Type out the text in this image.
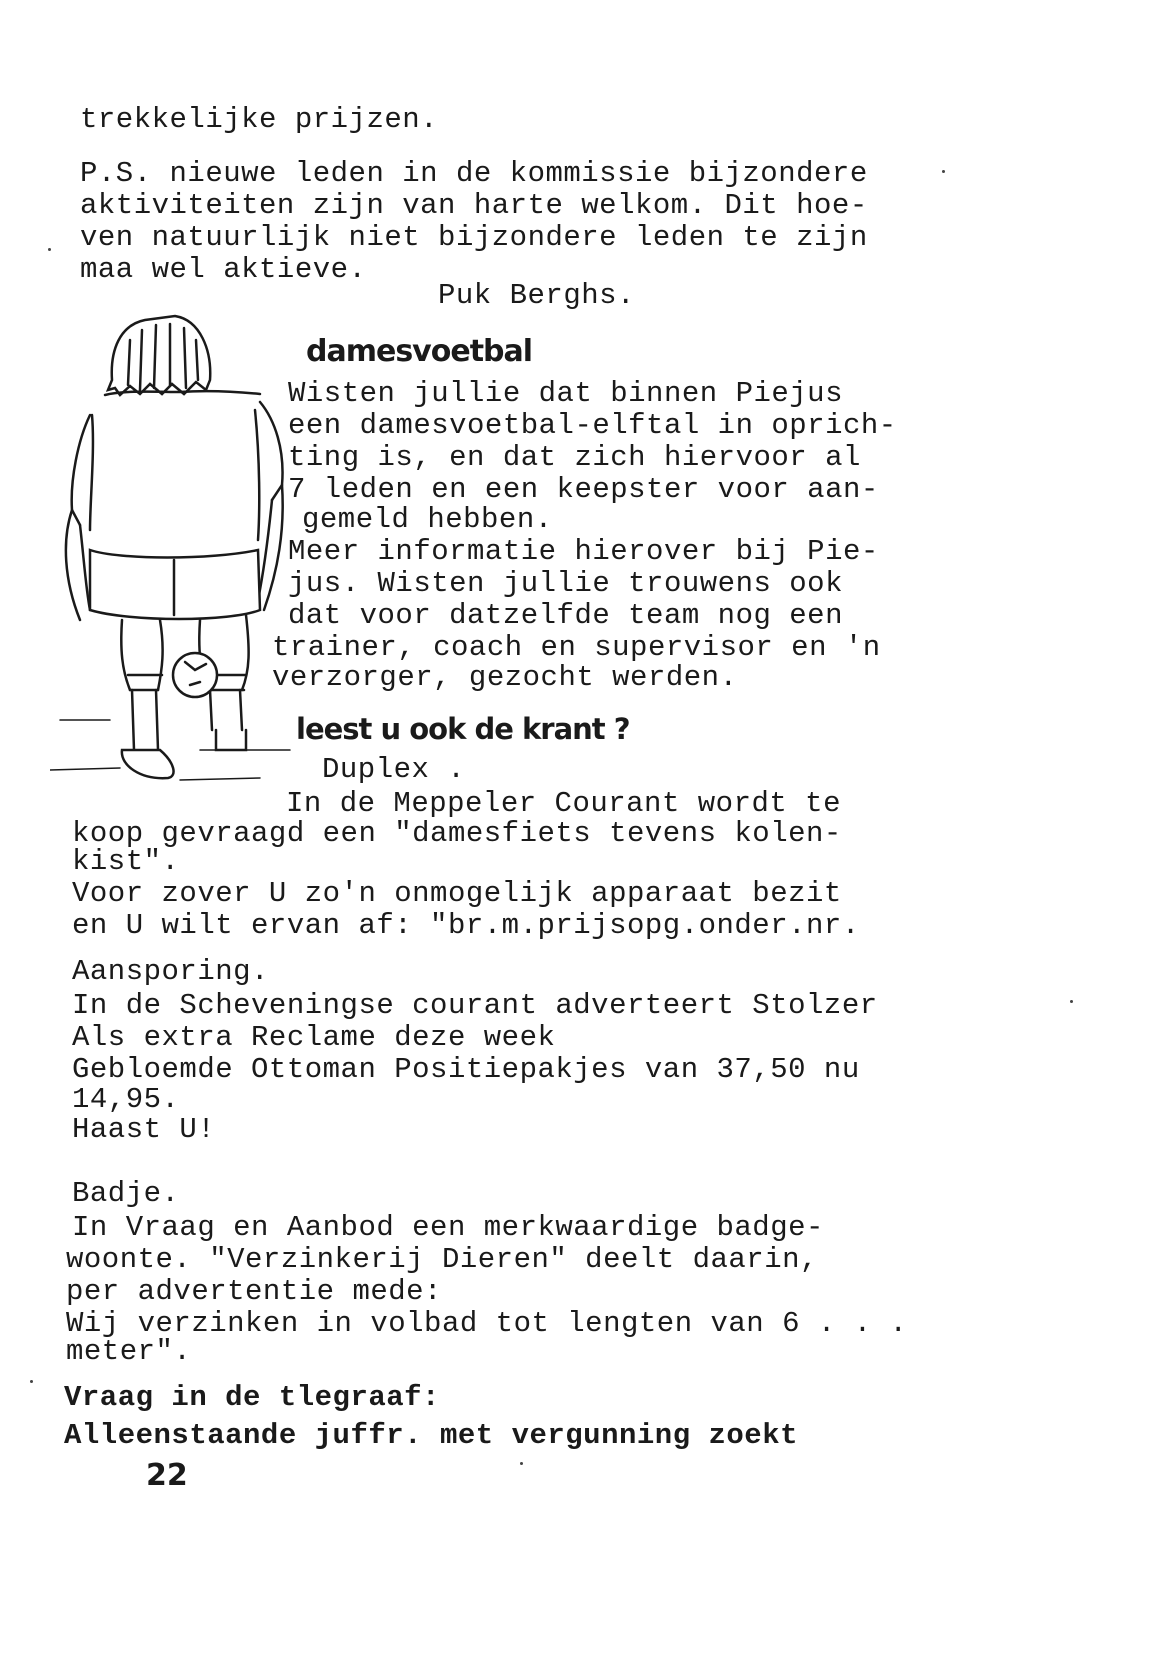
trekkelijke prijzen.
P.S. nieuwe leden in de kommissie bijzondere
aktiviteiten zijn van harte welkom. Dit hoe-
ven natuurlijk niet bijzondere leden te zijn
maa wel aktieve.
Puk Berghs.
damesvoetbal
Wisten jullie dat binnen Piejus
een damesvoetbal-elftal in oprich-
ting is, en dat zich hiervoor al
7 leden en een keepster voor aan-
gemeld hebben.
Meer informatie hierover bij Pie-
jus. Wisten jullie trouwens ook
dat voor datzelfde team nog een
trainer, coach en supervisor en 'n
verzorger, gezocht werden.
leest u ook de krant ?
Duplex .
In de Meppeler Courant wordt te
koop gevraagd een "damesfiets tevens kolen-
kist".
Voor zover U zo'n onmogelijk apparaat bezit
en U wilt ervan af: "br.m.prijsopg.onder.nr.
Aansporing.
In de Scheveningse courant adverteert Stolzer
Als extra Reclame deze week
Gebloemde Ottoman Positiepakjes van 37,50 nu
14,95.
Haast U!
Badje.
In Vraag en Aanbod een merkwaardige badge-
woonte. "Verzinkerij Dieren" deelt daarin,
per advertentie mede:
Wij verzinken in volbad tot lengten van 6 . . .
meter".
Vraag in de tlegraaf:
Alleenstaande juffr. met vergunning zoekt
22
